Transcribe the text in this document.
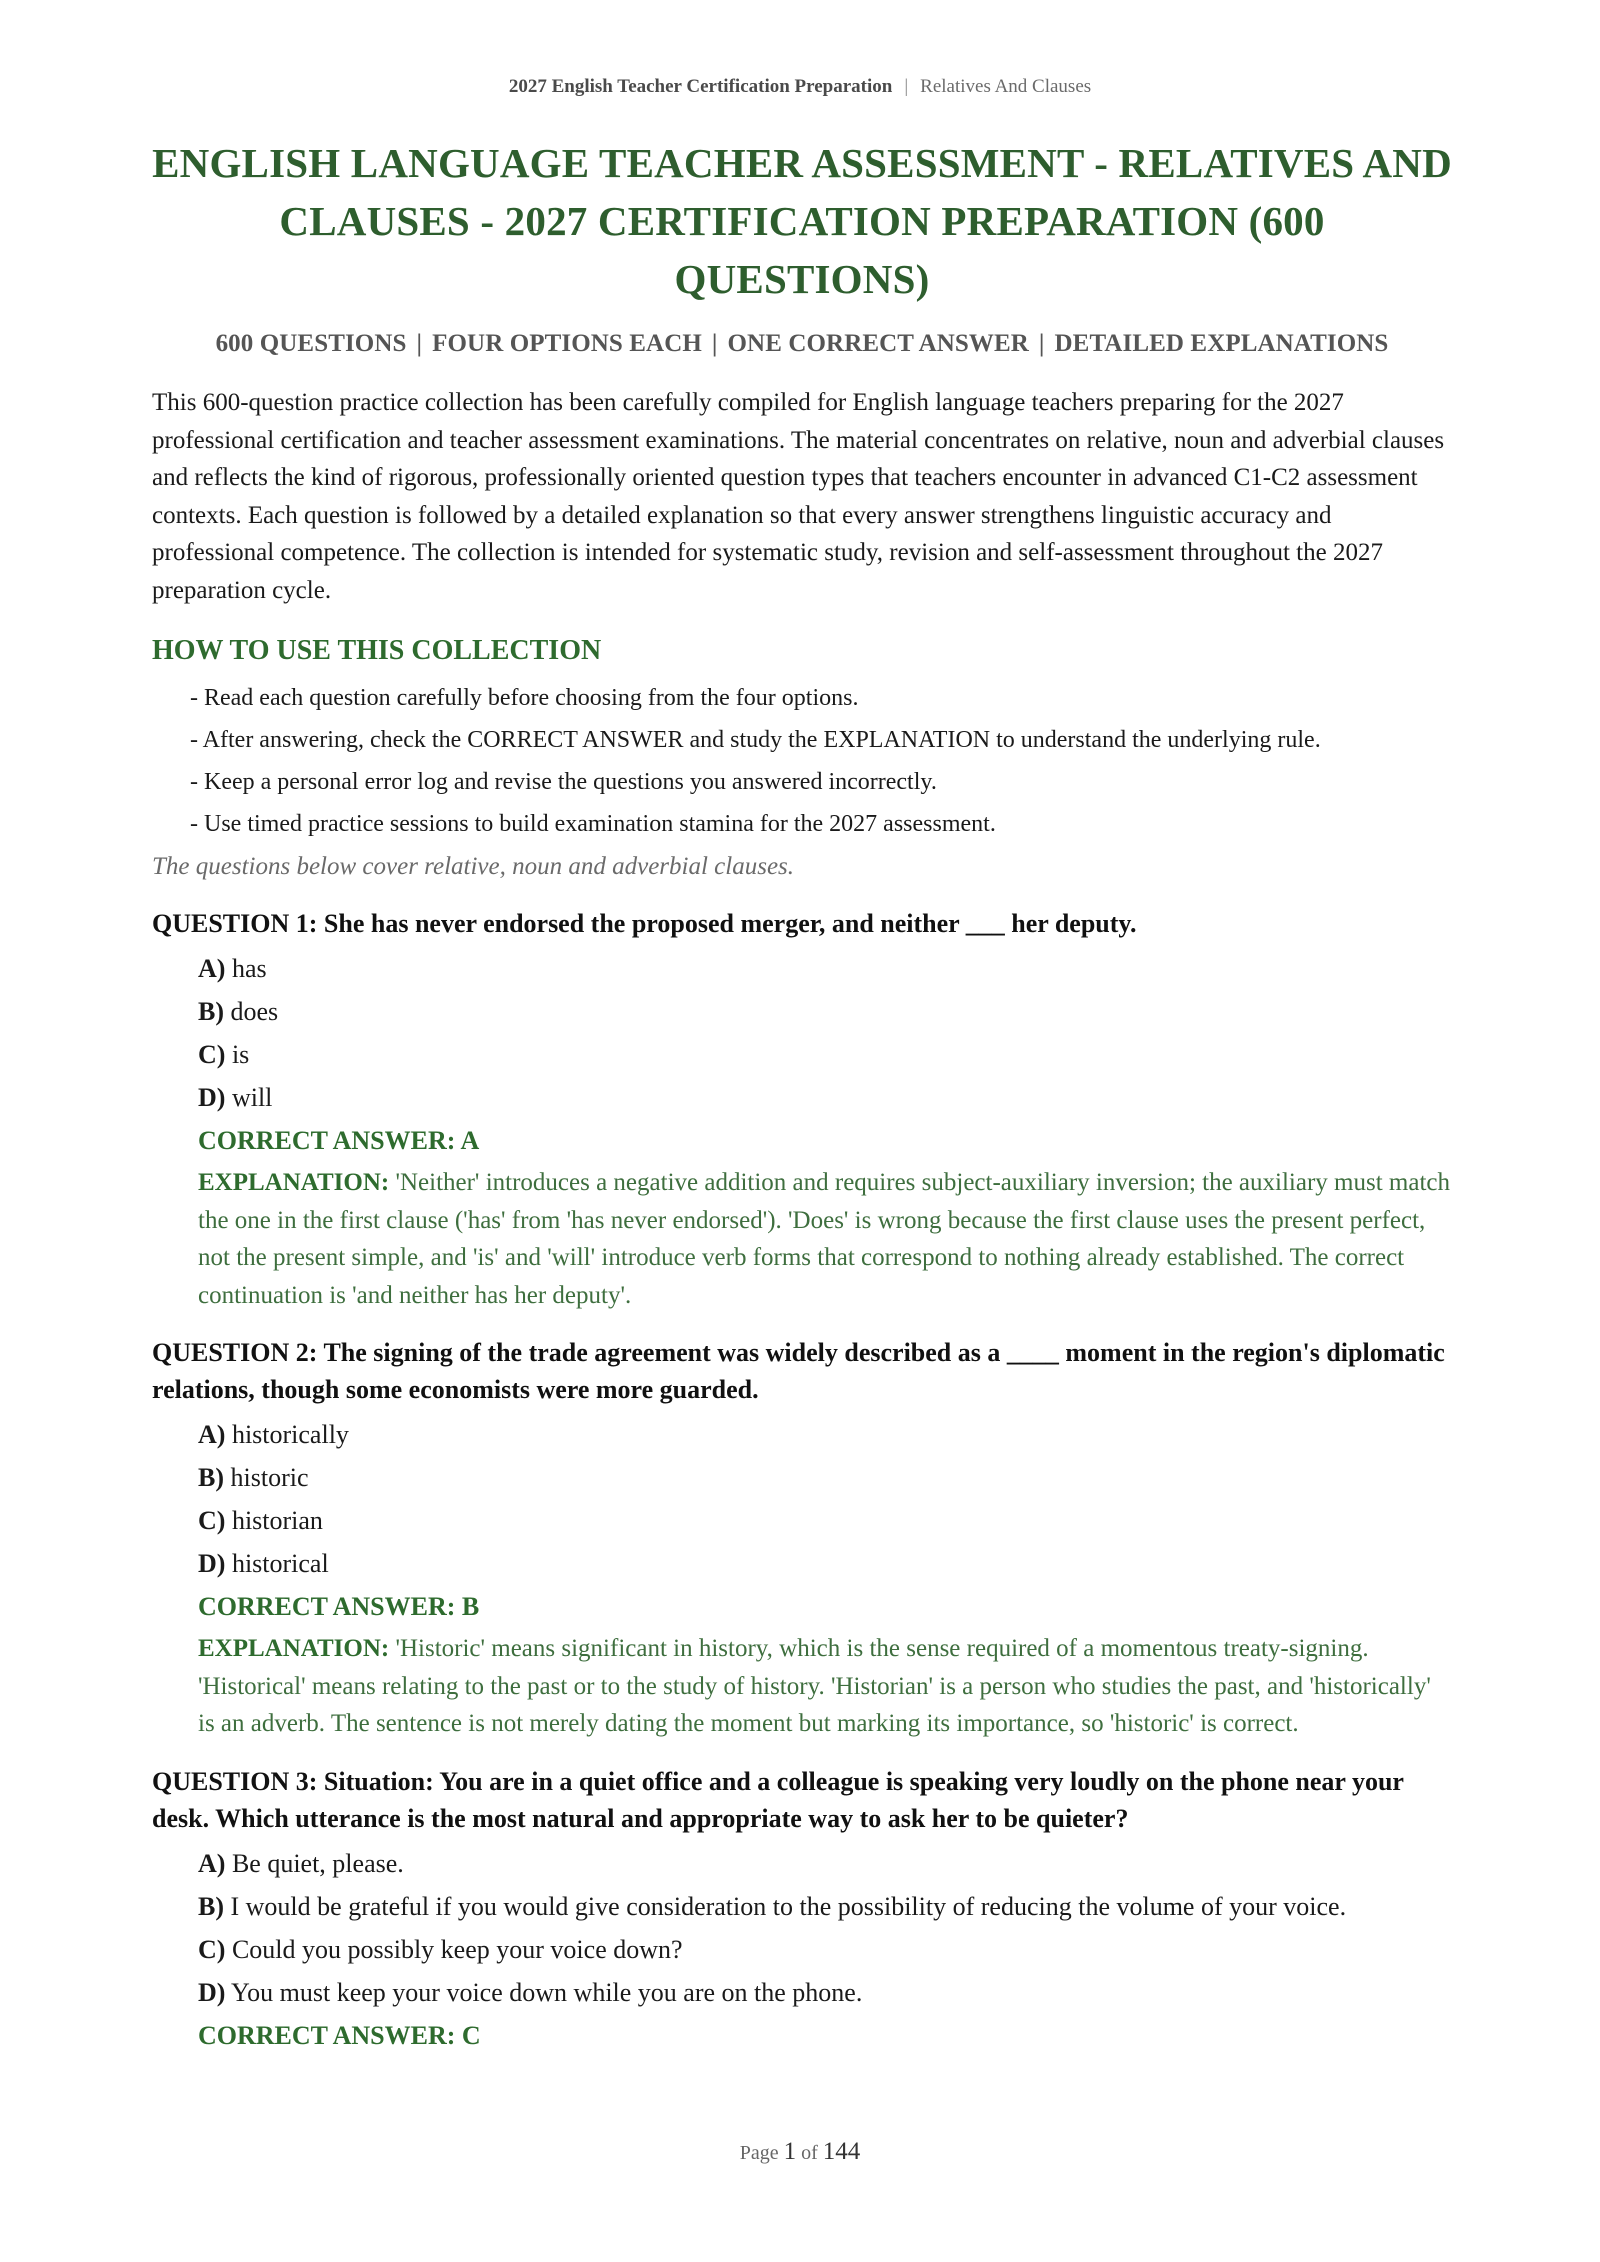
2027 English Teacher Certification Preparation | Relatives And Clauses
ENGLISH LANGUAGE TEACHER ASSESSMENT - RELATIVES AND CLAUSES - 2027 CERTIFICATION PREPARATION (600 QUESTIONS)
600 QUESTIONS | FOUR OPTIONS EACH | ONE CORRECT ANSWER | DETAILED EXPLANATIONS

This 600-question practice collection has been carefully compiled for English language teachers preparing for the 2027 professional certification and teacher assessment examinations. The material concentrates on relative, noun and adverbial clauses and reflects the kind of rigorous, professionally oriented question types that teachers encounter in advanced C1-C2 assessment contexts. Each question is followed by a detailed explanation so that every answer strengthens linguistic accuracy and professional competence. The collection is intended for systematic study, revision and self-assessment throughout the 2027 preparation cycle.

HOW TO USE THIS COLLECTION
- Read each question carefully before choosing from the four options.
- After answering, check the CORRECT ANSWER and study the EXPLANATION to understand the underlying rule.
- Keep a personal error log and revise the questions you answered incorrectly.
- Use timed practice sessions to build examination stamina for the 2027 assessment.
The questions below cover relative, noun and adverbial clauses.
QUESTION 1: She has never endorsed the proposed merger, and neither ___ her deputy.
A) has
B) does
C) is
D) will
CORRECT ANSWER: A
EXPLANATION: 'Neither' introduces a negative addition and requires subject-auxiliary inversion; the auxiliary must match the one in the first clause ('has' from 'has never endorsed'). 'Does' is wrong because the first clause uses the present perfect, not the present simple, and 'is' and 'will' introduce verb forms that correspond to nothing already established. The correct continuation is 'and neither has her deputy'.
QUESTION 2: The signing of the trade agreement was widely described as a ____ moment in the region's diplomatic relations, though some economists were more guarded.
A) historically
B) historic
C) historian
D) historical
CORRECT ANSWER: B
EXPLANATION: 'Historic' means significant in history, which is the sense required of a momentous treaty-signing. 'Historical' means relating to the past or to the study of history. 'Historian' is a person who studies the past, and 'historically' is an adverb. The sentence is not merely dating the moment but marking its importance, so 'historic' is correct.
QUESTION 3: Situation: You are in a quiet office and a colleague is speaking very loudly on the phone near your desk. Which utterance is the most natural and appropriate way to ask her to be quieter?
A) Be quiet, please.
B) I would be grateful if you would give consideration to the possibility of reducing the volume of your voice.
C) Could you possibly keep your voice down?
D) You must keep your voice down while you are on the phone.
CORRECT ANSWER: C
Page 1 of 144
